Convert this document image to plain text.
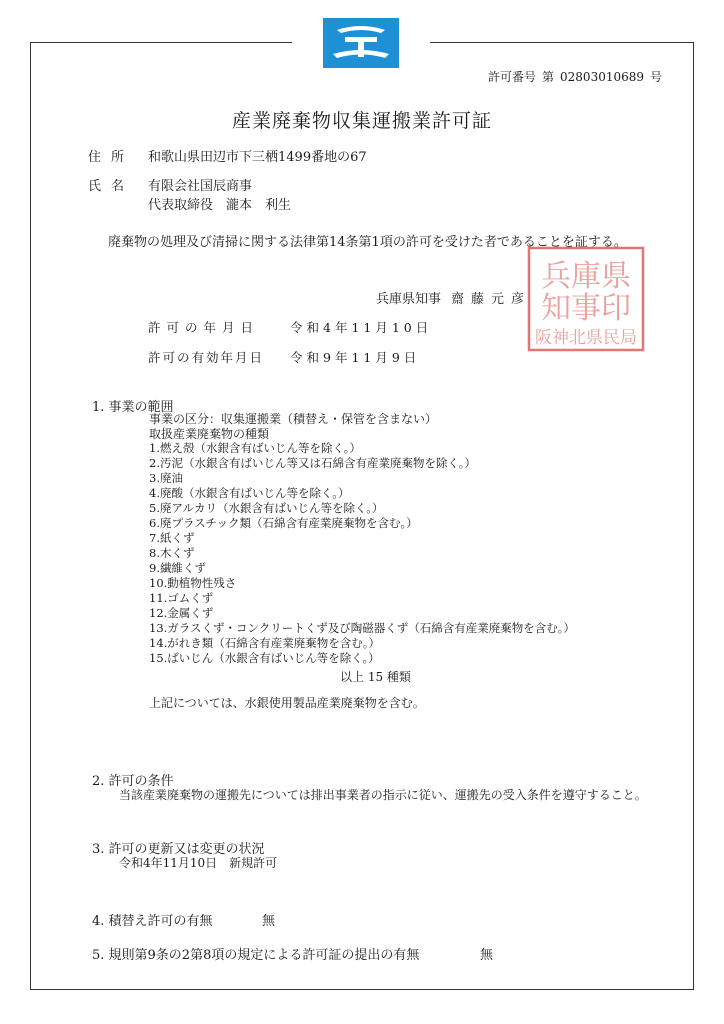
許可番号 第 02803010689 号
産業廃棄物収集運搬業許可証
住所 和歌山県田辺市下三栖1499番地の67
氏名 有限会社国辰商事
代表取締役　瀧本　利生
廃棄物の処理及び清掃に関する法律第14条第1項の許可を受けた者であることを証する。
兵庫県
知事印
阪神北県民局
兵庫県知事 齋藤元彦
許可の年月日 令和4年11月10日
許可の有効年月日 令和9年11月9日
1. 事業の範囲
事業の区分：収集運搬業（積替え・保管を含まない）
取扱産業廃棄物の種類
1.燃え殻（水銀含有ばいじん等を除く。）
2.汚泥（水銀含有ばいじん等又は石綿含有産業廃棄物を除く。）
3.廃油
4.廃酸（水銀含有ばいじん等を除く。）
5.廃アルカリ（水銀含有ばいじん等を除く。）
6.廃プラスチック類（石綿含有産業廃棄物を含む。）
7.紙くず
8.木くず
9.繊維くず
10.動植物性残さ
11.ゴムくず
12.金属くず
13.ガラスくず・コンクリートくず及び陶磁器くず（石綿含有産業廃棄物を含む。）
14.がれき類（石綿含有産業廃棄物を含む。）
15.ばいじん（水銀含有ばいじん等を除く。）
以上 15 種類
上記については、水銀使用製品産業廃棄物を含む。
2. 許可の条件
当該産業廃棄物の運搬先については排出事業者の指示に従い、運搬先の受入条件を遵守すること。
3. 許可の更新又は変更の状況
令和4年11月10日　新規許可
4. 積替え許可の有無	無
5. 規則第9条の2第8項の規定による許可証の提出の有無	無
